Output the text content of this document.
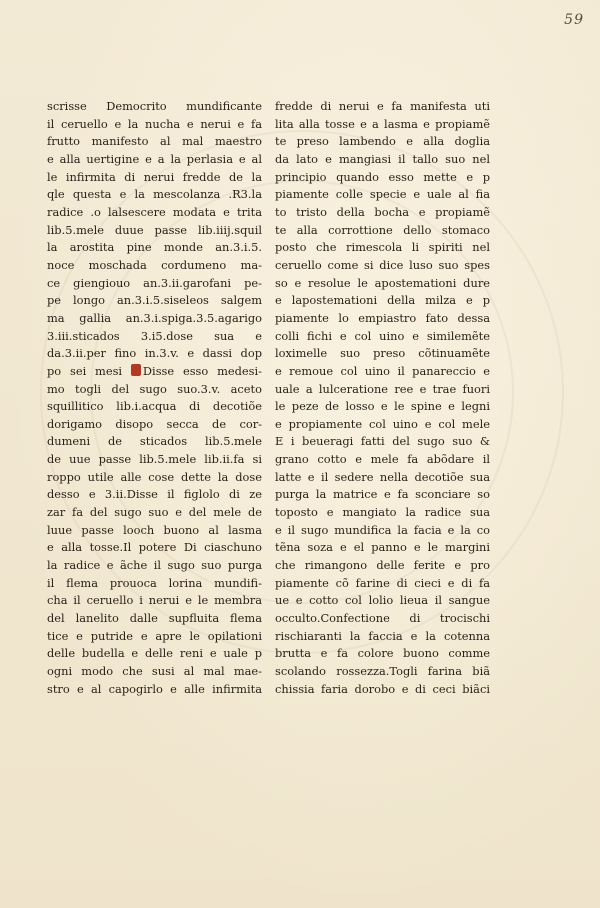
59
scrisse Democrito mundificante
il ceruello e la nucha e nerui e fa
frutto manifesto al mal maestro
e alla uertigine e a la perlasia e al
le infirmita di nerui fredde de la
qle questa e la mescolanza .R3.la
radice .o lalsescere modata e trita
lib.5.mele duue passe lib.iiij.squil
la arostita pine monde an.3.i.5.
noce moschada cordumeno ma-
ce giengiouo an.3.ii.garofani pe-
pe longo an.3.i.5.siseleos salgem
ma gallia an.3.i.spiga.3.5.agarigo
3.iii.sticados 3.i5.dose sua e
da.3.ii.per fino in.3.v. e dassi dop
po sei mesi Disse esso medesi-
mo togli del sugo suo.3.v. aceto
squillitico lib.i.acqua di decotiõe
dorigamo disopo secca de cor-
dumeni de sticados lib.5.mele
de uue passe lib.5.mele lib.ii.fa si
roppo utile alle cose dette la dose
desso e 3.ii.Disse il figlolo di ze
zar fa del sugo suo e del mele de
luue passe looch buono al lasma
e alla tosse.Il potere Di ciaschuno
la radice e ãche il sugo suo purga
il flema prouoca lorina mundifi-
cha il ceruello i nerui e le membra
del lanelito dalle supfluita flema
tice e putride e apre le opilationi
delle budella e delle reni e uale p
ogni modo che susi al mal mae-
stro e al capogirlo e alle infirmita
fredde di nerui e fa manifesta uti
lita alla tosse e a lasma e propiamẽ
te preso lambendo e alla doglia
da lato e mangiasi il tallo suo nel
principio quando esso mette e p
piamente colle specie e uale al fia
to tristo della bocha e propiamẽ
te alla corrottione dello stomaco
posto che rimescola li spiriti nel
ceruello come si dice luso suo spes
so e resolue le apostemationi dure
e lapostemationi della milza e p
piamente lo empiastro fato dessa
colli fichi e col uino e similemẽte
loximelle suo preso cõtinuamẽte
e remoue col uino il panareccio e
uale a lulceratione ree e trae fuori
le peze de losso e le spine e legni
e propiamente col uino e col mele
E i beueragi fatti del sugo suo &
grano cotto e mele fa abõdare il
latte e il sedere nella decotiõe sua
purga la matrice e fa sconciare so
toposto e mangiato la radice sua
e il sugo mundifica la facia e la co
tẽna soza e el panno e le margini
che rimangono delle ferite e pro
piamente cõ farine di cieci e di fa
ue e cotto col lolio lieua il sangue
occulto.Confectione di trocischi
rischiaranti la faccia e la cotenna
brutta e fa colore buono comme
scolando rossezza.Togli farina biã
chissia faria dorobo e di ceci biãci
